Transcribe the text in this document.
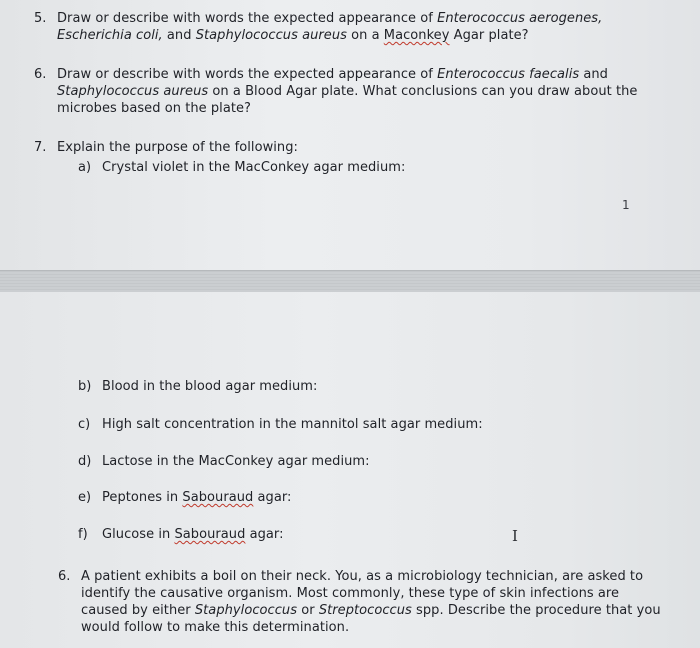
5. Draw or describe with words the expected appearance of Enterococcus aerogenes,
Escherichia coli, and Staphylococcus aureus on a Maconkey Agar plate?
6. Draw or describe with words the expected appearance of Enterococcus faecalis and
Staphylococcus aureus on a Blood Agar plate. What conclusions can you draw about the
microbes based on the plate?
7. Explain the purpose of the following:
a) Crystal violet in the MacConkey agar medium:
1
b) Blood in the blood agar medium:
c) High salt concentration in the mannitol salt agar medium:
d) Lactose in the MacConkey agar medium:
e) Peptones in Sabouraud agar:
f) Glucose in Sabouraud agar:	I
6. A patient exhibits a boil on their neck. You, as a microbiology technician, are asked to
identify the causative organism. Most commonly, these type of skin infections are
caused by either Staphylococcus or Streptococcus spp. Describe the procedure that you
would follow to make this determination.
